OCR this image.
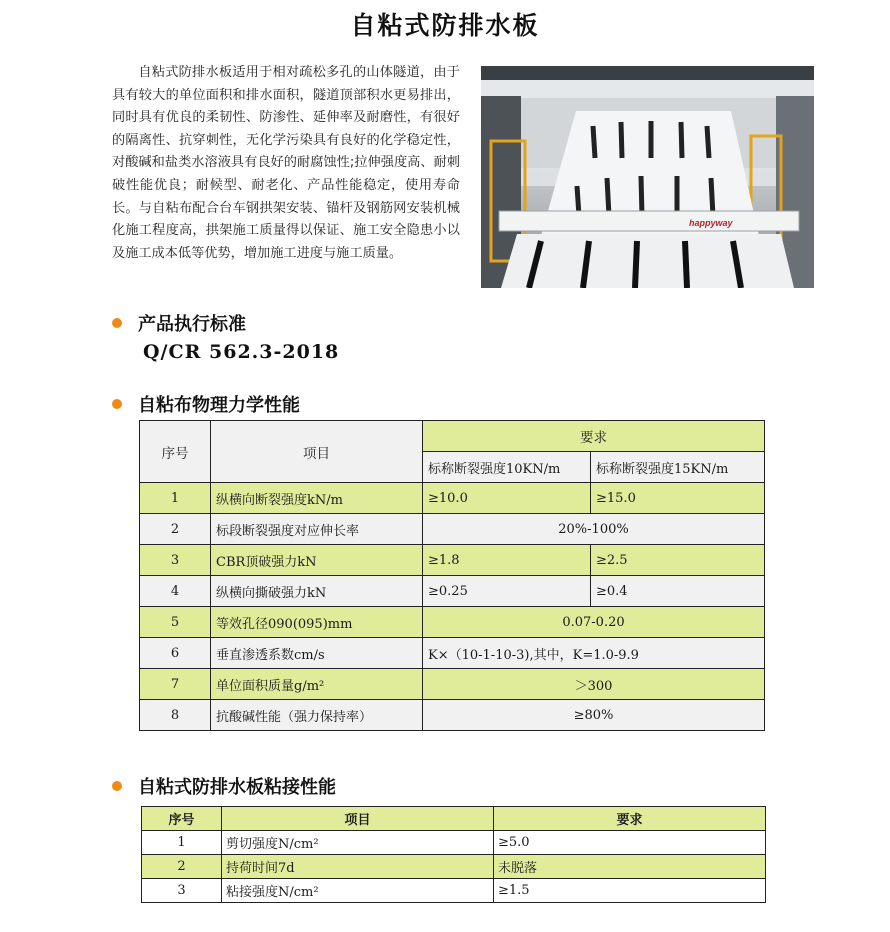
自粘式防排水板

自粘式防排水板适用于相对疏松多孔的山体隧道，由于具有较大的单位面积和排水面积，隧道顶部积水更易排出，同时具有优良的柔韧性、防渗性、延伸率及耐磨性，有很好的隔离性、抗穿刺性，无化学污染具有良好的化学稳定性，对酸碱和盐类水溶液具有良好的耐腐蚀性;拉伸强度高、耐刺破性能优良；耐候型、耐老化、产品性能稳定，使用寿命长。与自粘布配合台车钢拱架安装、锚杆及钢筋网安装机械化施工程度高，拱架施工质量得以保证、施工安全隐患小以及施工成本低等优势，增加施工进度与施工质量。

happyway
产品执行标准
Q/CR 562.3-2018
自粘布物理力学性能
序号	项目	要求	
		标称断裂强度10KN/m	标称断裂强度15KN/m
1	纵横向断裂强度kN/m	≥10.0	≥15.0
2	标段断裂强度对应伸长率	20%-100%	
3	CBR顶破强力kN	≥1.8	≥2.5
4	纵横向撕破强力kN	≥0.25	≥0.4
5	等效孔径090(095)mm	0.07-0.20	
6	垂直渗透系数cm/s	K×（10-1-10-3),其中，K=1.0-9.9	
7	单位面积质量g/m²	＞300	
8	抗酸碱性能（强力保持率）	≥80%	
自粘式防排水板粘接性能
序号	项目	要求
1	剪切强度N/cm²	≥5.0
2	持荷时间7d	未脱落
3	粘接强度N/cm²	≥1.5
